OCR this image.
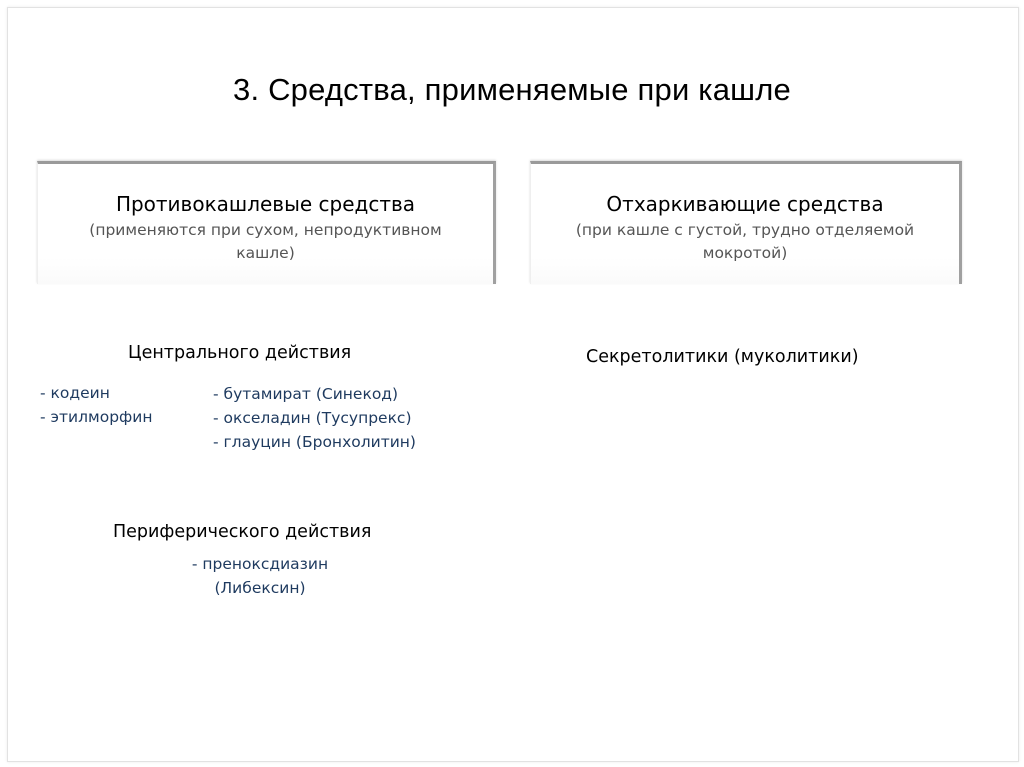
3. Средства, применяемые при кашле
Противокашлевые средства
(применяются при сухом, непродуктивном
кашле)
Отхаркивающие средства
(при кашле с густой, трудно отделяемой
мокротой)
Центрального действия
- кодеин
- этилморфин
- бутамират (Синекод)
- окселадин (Тусупрекс)
- глауцин (Бронхолитин)
Периферического действия
- преноксдиазин
(Либексин)
Секретолитики (муколитики)
